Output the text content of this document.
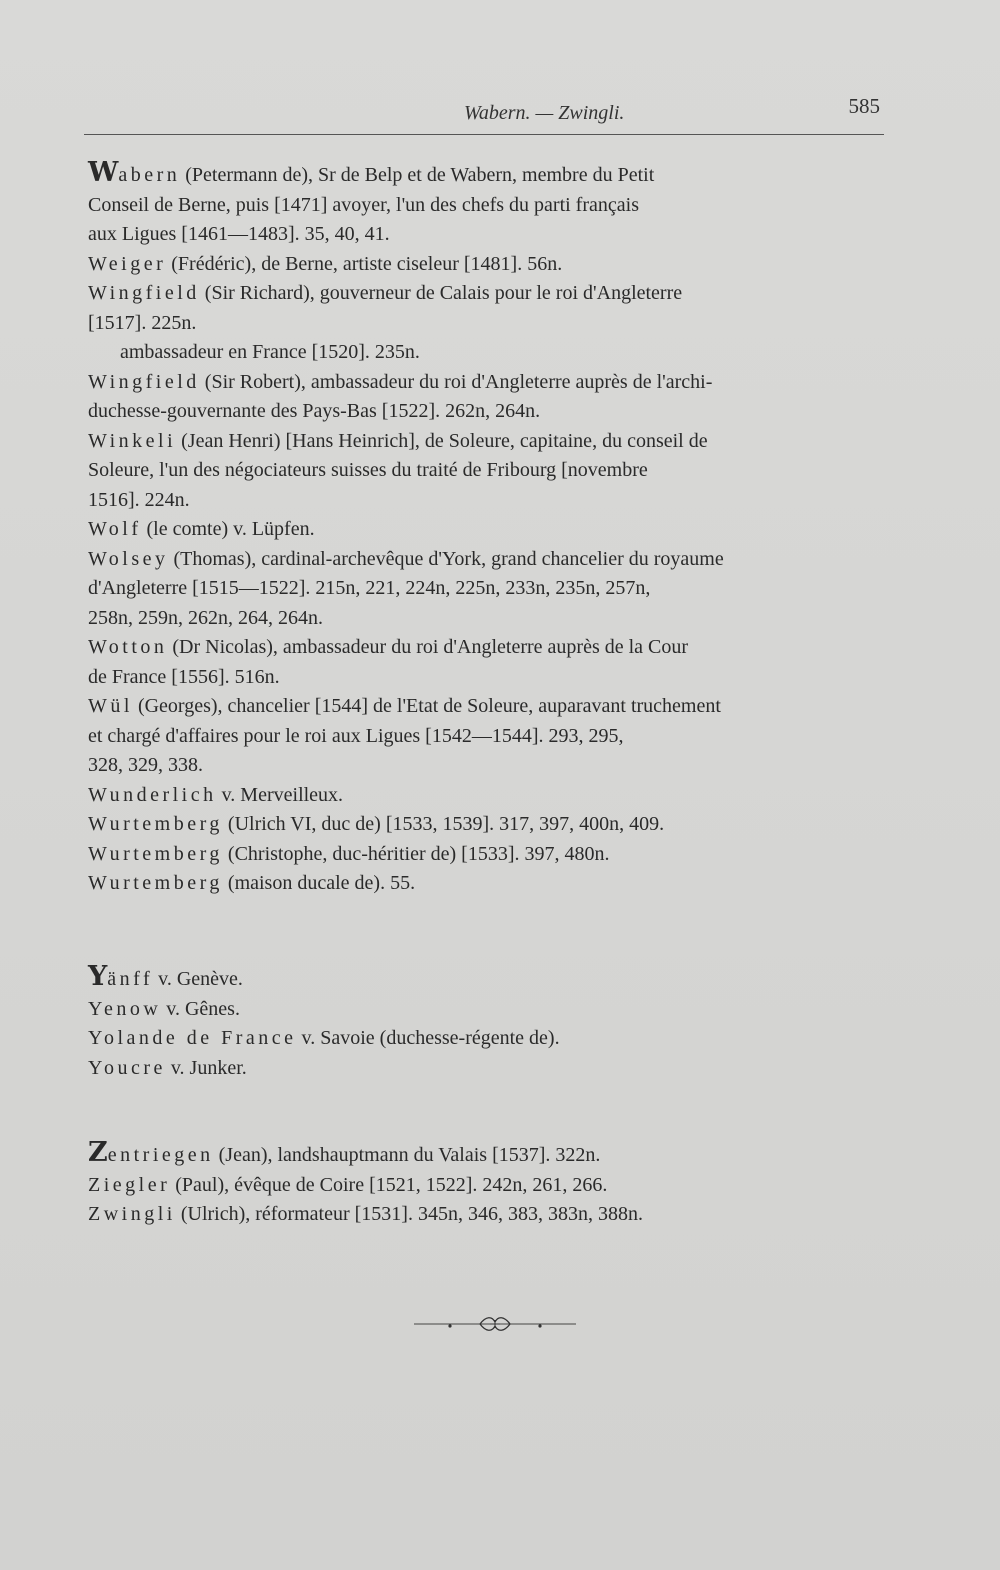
Wabern. — Zwingli.	585
Wabern (Petermann de), Sr de Belp et de Wabern, membre du Petit
Conseil de Berne, puis [1471] avoyer, l'un des chefs du parti français
aux Ligues [1461—1483]. 35, 40, 41.
Weiger (Frédéric), de Berne, artiste ciseleur [1481]. 56n.
Wingfield (Sir Richard), gouverneur de Calais pour le roi d'Angleterre
[1517]. 225n.
ambassadeur en France [1520]. 235n.
Wingfield (Sir Robert), ambassadeur du roi d'Angleterre auprès de l'archi-
duchesse-gouvernante des Pays-Bas [1522]. 262n, 264n.
Winkeli (Jean Henri) [Hans Heinrich], de Soleure, capitaine, du conseil de
Soleure, l'un des négociateurs suisses du traité de Fribourg [novembre
1516]. 224n.
Wolf (le comte) v. Lüpfen.
Wolsey (Thomas), cardinal-archevêque d'York, grand chancelier du royaume
d'Angleterre [1515—1522]. 215n, 221, 224n, 225n, 233n, 235n, 257n,
258n, 259n, 262n, 264, 264n.
Wotton (Dr Nicolas), ambassadeur du roi d'Angleterre auprès de la Cour
de France [1556]. 516n.
Wül (Georges), chancelier [1544] de l'Etat de Soleure, auparavant truchement
et chargé d'affaires pour le roi aux Ligues [1542—1544]. 293, 295,
328, 329, 338.
Wunderlich v. Merveilleux.
Wurtemberg (Ulrich VI, duc de) [1533, 1539]. 317, 397, 400n, 409.
Wurtemberg (Christophe, duc-héritier de) [1533]. 397, 480n.
Wurtemberg (maison ducale de). 55.
Yänff v. Genève.
Yenow v. Gênes.
Yolande de France v. Savoie (duchesse-régente de).
Youcre v. Junker.
Zentriegen (Jean), landshauptmann du Valais [1537]. 322n.
Ziegler (Paul), évêque de Coire [1521, 1522]. 242n, 261, 266.
Zwingli (Ulrich), réformateur [1531]. 345n, 346, 383, 383n, 388n.
